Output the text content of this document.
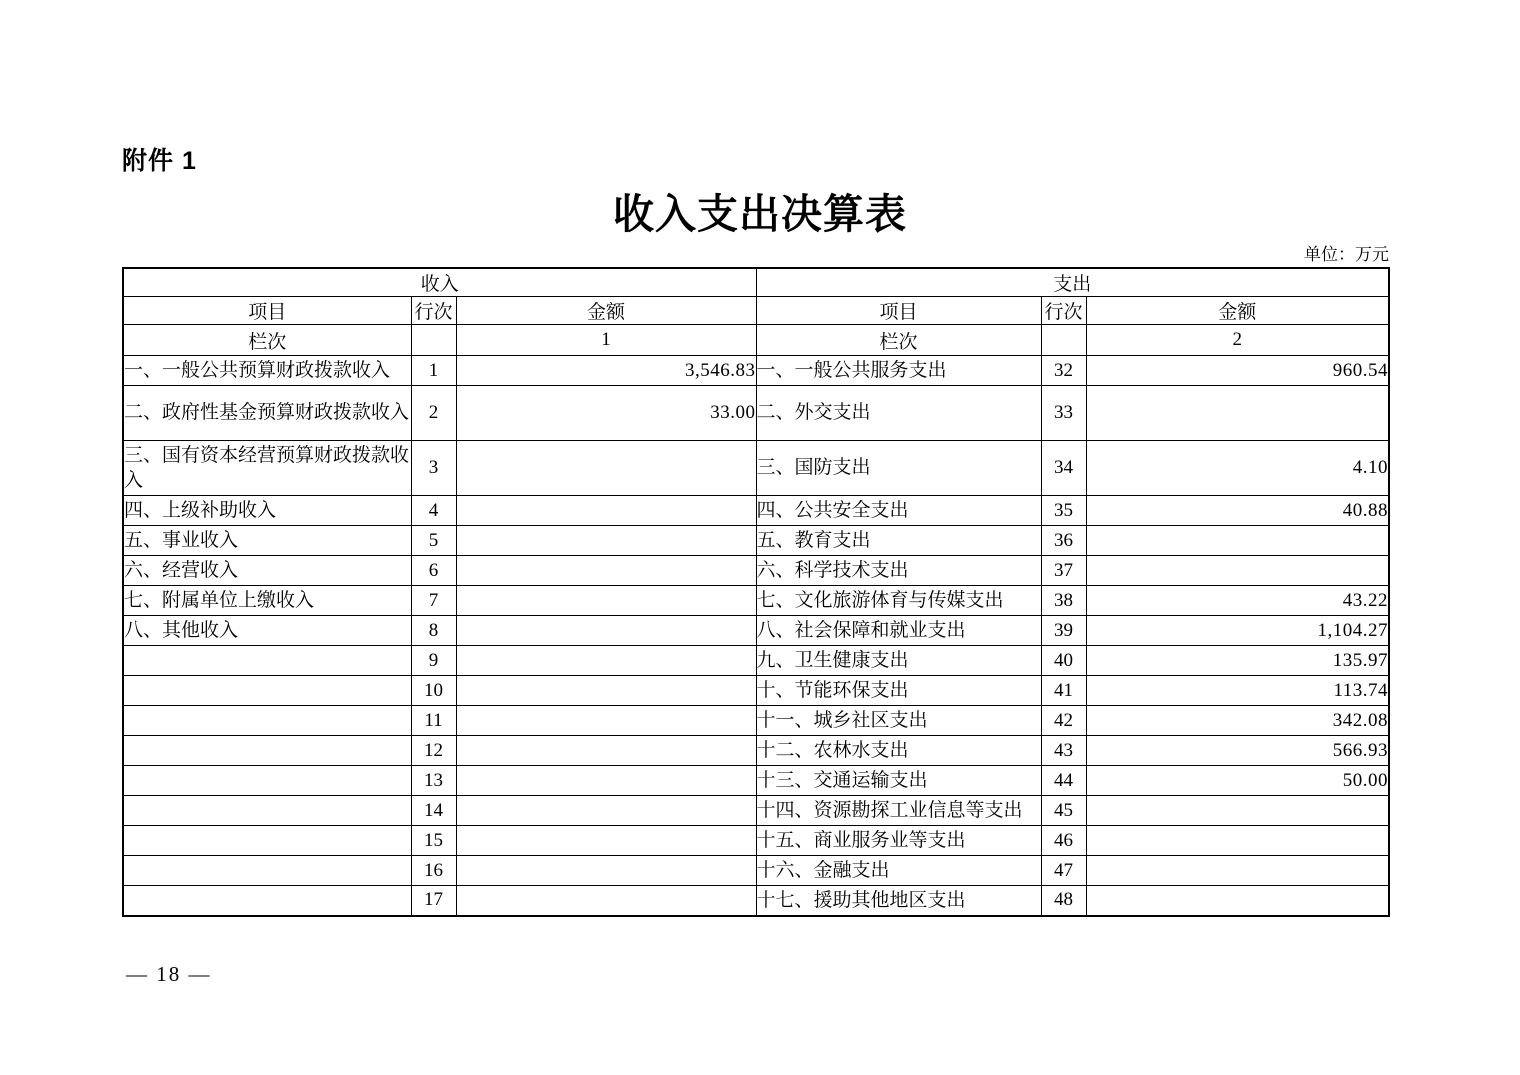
附件 1
收入支出决算表
单位：万元
收入			支出		
项目	行次	金额	项目	行次	金额
栏次		1	栏次		2
一、一般公共预算财政拨款收入	1	3,546.83	一、一般公共服务支出	32	960.54
二、政府性基金预算财政拨款收入	2	33.00	二、外交支出	33	
三、国有资本经营预算财政拨款收入	3		三、国防支出	34	4.10
四、上级补助收入	4		四、公共安全支出	35	40.88
五、事业收入	5		五、教育支出	36	
六、经营收入	6		六、科学技术支出	37	
七、附属单位上缴收入	7		七、文化旅游体育与传媒支出	38	43.22
八、其他收入	8		八、社会保障和就业支出	39	1,104.27
	9		九、卫生健康支出	40	135.97
	10		十、节能环保支出	41	113.74
	11		十一、城乡社区支出	42	342.08
	12		十二、农林水支出	43	566.93
	13		十三、交通运输支出	44	50.00
	14		十四、资源勘探工业信息等支出	45	
	15		十五、商业服务业等支出	46	
	16		十六、金融支出	47	
	17		十七、援助其他地区支出	48	
— 18 —
